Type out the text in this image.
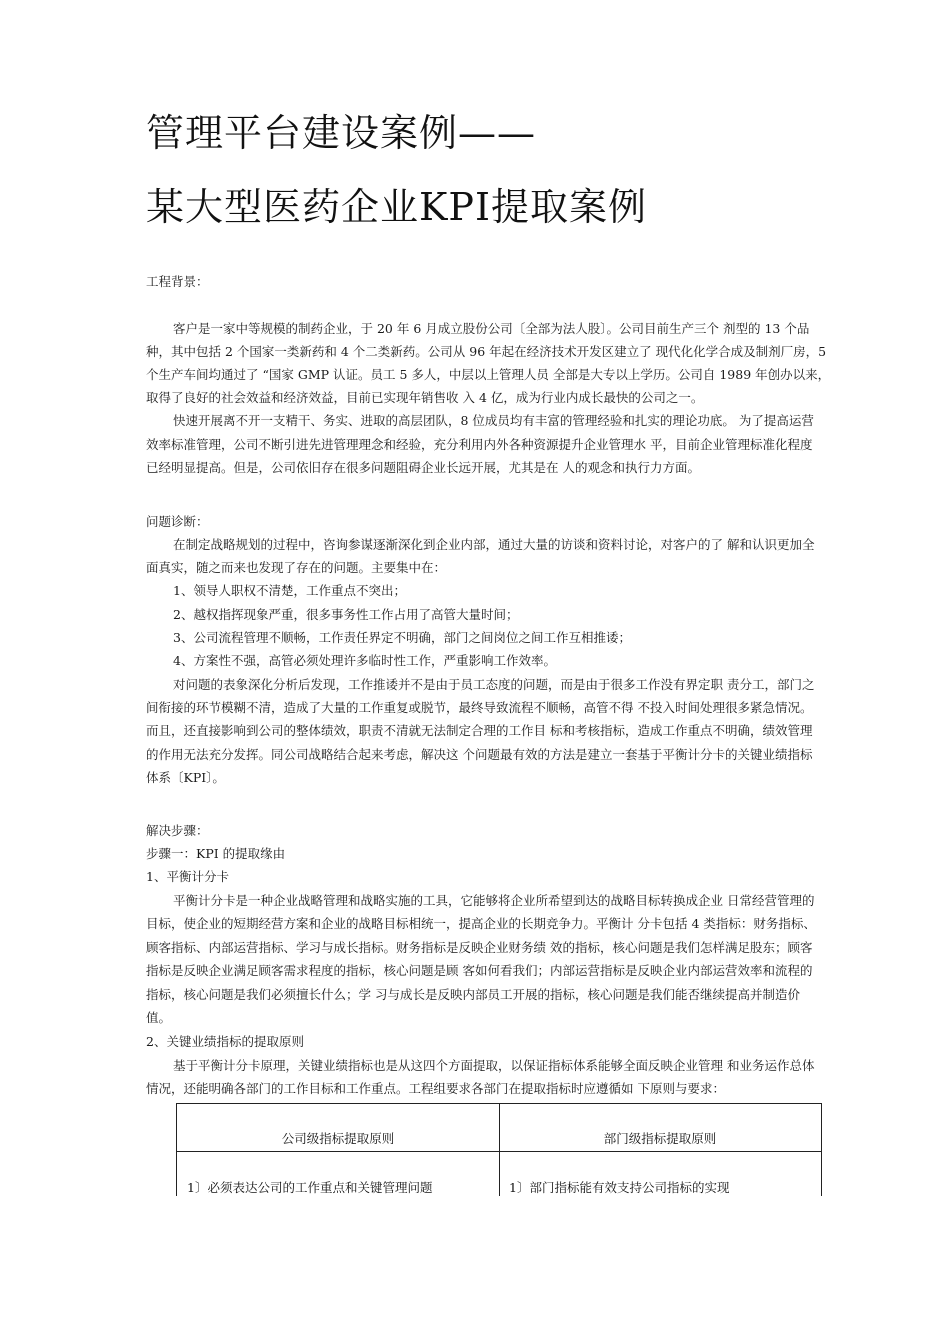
管理平台建设案例——
某大型医药企业KPI提取案例
工程背景：
客户是一家中等规模的制药企业，于 20 年 6 月成立股份公司〔全部为法人股〕。公司目前生产三个 剂型的 13 个品
种，其中包括 2 个国家一类新药和 4 个二类新药。公司从 96 年起在经济技术开发区建立了 现代化化学合成及制剂厂房，5
个生产车间均通过了 “国家 GMP 认证。员工 5 多人，中层以上管理人员 全部是大专以上学历。公司自 1989 年创办以来，
取得了良好的社会效益和经济效益，目前已实现年销售收 入 4 亿，成为行业内成长最快的公司之一。
快速开展离不开一支精干、务实、进取的高层团队，8 位成员均有丰富的管理经验和扎实的理论功底。 为了提高运营
效率标准管理，公司不断引进先进管理理念和经验，充分利用内外各种资源提升企业管理水 平，目前企业管理标准化程度
已经明显提高。但是，公司依旧存在很多问题阻碍企业长远开展，尤其是在 人的观念和执行力方面。
问题诊断：
在制定战略规划的过程中，咨询参谋逐渐深化到企业内部，通过大量的访谈和资料讨论，对客户的了 解和认识更加全
面真实，随之而来也发现了存在的问题。主要集中在：
1、领导人职权不清楚，工作重点不突出；
2、越权指挥现象严重，很多事务性工作占用了高管大量时间；
3、公司流程管理不顺畅，工作责任界定不明确，部门之间岗位之间工作互相推诿；
4、方案性不强，高管必须处理许多临时性工作，严重影响工作效率。
对问题的表象深化分析后发现，工作推诿并不是由于员工态度的问题，而是由于很多工作没有界定职 责分工，部门之
间衔接的环节模糊不清，造成了大量的工作重复或脱节，最终导致流程不顺畅，高管不得 不投入时间处理很多紧急情况。
而且，还直接影响到公司的整体绩效，职责不清就无法制定合理的工作目 标和考核指标，造成工作重点不明确，绩效管理
的作用无法充分发挥。同公司战略结合起来考虑，解决这 个问题最有效的方法是建立一套基于平衡计分卡的关键业绩指标
体系〔KPI〕。
解决步骤：
步骤一：KPI 的提取缘由
1、平衡计分卡
平衡计分卡是一种企业战略管理和战略实施的工具，它能够将企业所希望到达的战略目标转换成企业 日常经营管理的
目标，使企业的短期经营方案和企业的战略目标相统一，提高企业的长期竞争力。平衡计 分卡包括 4 类指标：财务指标、
顾客指标、内部运营指标、学习与成长指标。财务指标是反映企业财务绩 效的指标，核心问题是我们怎样满足股东；顾客
指标是反映企业满足顾客需求程度的指标，核心问题是顾 客如何看我们；内部运营指标是反映企业内部运营效率和流程的
指标，核心问题是我们必须擅长什么；学 习与成长是反映内部员工开展的指标，核心问题是我们能否继续提高并制造价
值。
2、关键业绩指标的提取原则
基于平衡计分卡原理，关键业绩指标也是从这四个方面提取，以保证指标体系能够全面反映企业管理 和业务运作总体
情况，还能明确各部门的工作目标和工作重点。工程组要求各部门在提取指标时应遵循如 下原则与要求：
公司级指标提取原则	部门级指标提取原则
1〕必须表达公司的工作重点和关键管理问题	1〕部门指标能有效支持公司指标的实现
